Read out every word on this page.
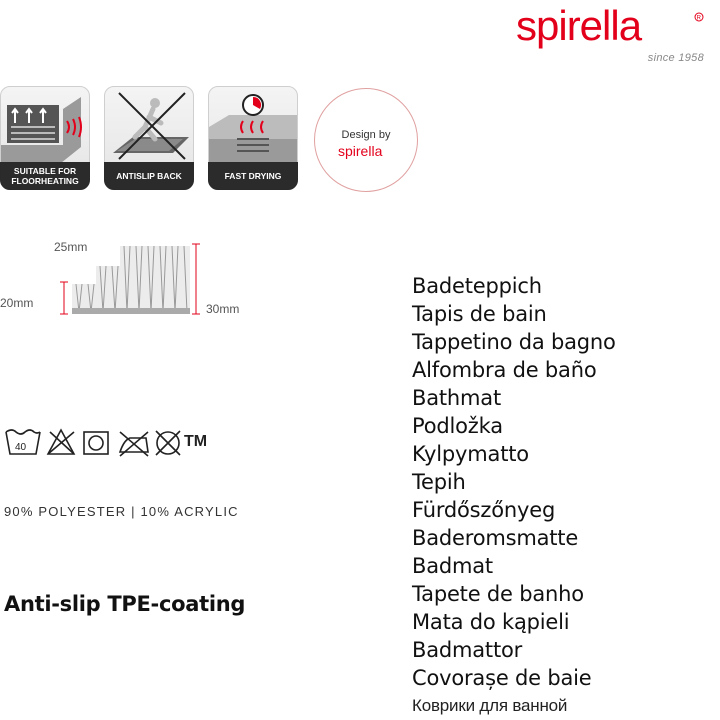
spirella	R
since 1958
SUITABLE FOR
FLOORHEATING	ANTISLIP BACK	FAST DRYING
Design by
spirella
25mm
20mm	30mm
40	TM
90% POLYESTER | 10% ACRYLIC
Anti-slip TPE-coating
Badeteppich
Tapis de bain
Tappetino da bagno
Alfombra de baño
Bathmat
Podložka
Kylpymatto
Tepih
Fürdőszőnyeg
Baderomsmatte
Badmat
Tapete de banho
Mata do kąpieli
Badmattor
Covorașe de baie
Коврики для ванной
